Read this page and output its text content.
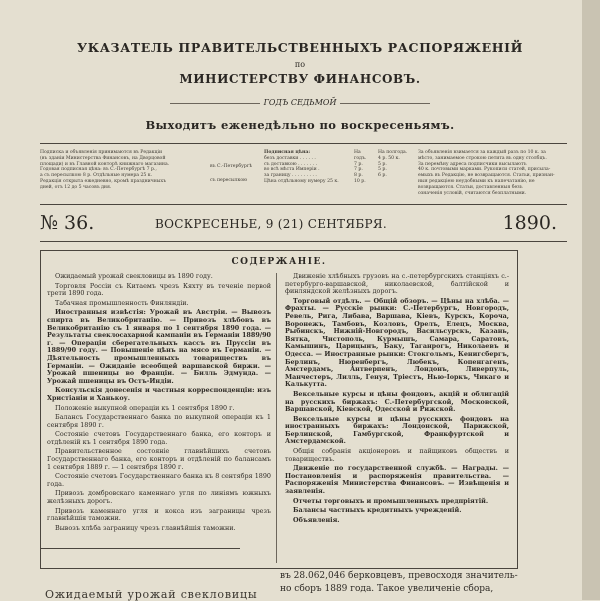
УКАЗАТЕЛЬ ПРАВИТЕЛЬСТВЕННЫХЪ РАСПОРЯЖЕНІЙ
по
МИНИСТЕРСТВУ ФИНАНСОВЪ.
ГОДЪ СЕДЬМОЙ
Выходитъ еженедѣльно по воскресеньямъ.
Подписка и объявленія принимаются въ Редакціи
(въ зданіи Министерства Финансовъ, на Дворцовой
площади) и въ Главной конторѣ книжнаго магазина.
Годовая подписная цѣна: въ С.-Петербургѣ 7 р.,
а съ пересылкою 8 р. Отдѣльные нумера 25 к.
Редакція открыта ежедневно, кромѣ праздничныхъ
дней, отъ 12 до 5 часовъ дня.
въ С.-Петербургѣ
съ пересылкою
Подписная цѣна:
безъ доставки . . . . . .
съ доставкою . . . . . . .
во всѣ мѣста Имперіи .
за границу . . . . . . . . .
Цѣна отдѣльному нумеру 25 к.
На годъ.
7 р.
7 р.
8 р.
10 р.
На полгода.
4 р. 50 к.
5 р.
5 р.
6 р.
За объявленія взимается за каждый разъ по 10 к. за
мѣсто, занимаемое строкою петита въ одну столбцъ.
За перемѣну адреса подписчики высылаютъ
40 к. почтовыми марками. Рукописи статей, присыла-
емыхъ въ Редакцію, не возвращаются. Статьи, признан-
ныя редакціею неудобными къ напечатанію, не
возвращаются. Статьи, доставленныя безъ
означенія условій, считаются безплатными.
№ 36.	ВОСКРЕСЕНЬЕ, 9 (21) СЕНТЯБРЯ.	1890.
СОДЕРЖАНІЕ.

Ожидаемый урожай свекловицы въ 1890 году.

Торговля Россіи съ Китаемъ чрезъ Кяхту въ теченіе первой трети 1890 года.

Табачная промышленность Финляндіи.

Иностранныя извѣстія: Урожай въ Австріи. — Вывозъ спирта въ Великобританію. — Привозъ хлѣбовъ въ Великобританію съ 1 января по 1 сентября 1890 года. — Результаты свеклосахарной кампаніи въ Германіи 1889/90 г. — Операціи сберегательныхъ кассъ въ Пруссіи въ 1889/90 году. — Повышеніе цѣнъ на мясо въ Германіи. — Дѣятельность промышленныхъ товариществъ въ Германіи. — Ожиданіе всеобщей варшавской биржи. — Урожай пшеницы во Франціи. — Билль Эдмунда. — Урожай пшеницы въ Остъ-Индіи.

Консульскія донесенія и частныя корреспонденціи: изъ Христіаніи и Ханькоу.

Положеніе выкупной операціи къ 1 сентября 1890 г.

Балансъ Государственнаго банка по выкупной операціи къ 1 сентября 1890 г.

Состояніе счетовъ Государственнаго банка, его конторъ и отдѣленій къ 1 сентября 1890 года.

Правительственное состояніе главнѣйшихъ счетовъ Государственнаго банка, его конторъ и отдѣленій по балансамъ 1 сентября 1889 г. — 1 сентября 1890 г.

Состояніе счетовъ Государственнаго банка къ 8 сентября 1890 года.

Привозъ домбровскаго каменнаго угля по линіямъ южныхъ желѣзныхъ дорогъ.

Привозъ каменнаго угля и кокса изъ заграницы чрезъ главнѣйшія таможни.

Вывозъ хлѣба заграницу чрезъ главнѣйшія таможни.

Движеніе хлѣбныхъ грузовъ на с.-петербургскихъ станціяхъ с.-петербурго-варшавской, николаевской, балтійской и финляндской желѣзныхъ дорогъ.

Торговый отдѣлъ. — Общій обзоръ. — Цѣны на хлѣба. — Фрахты. — Русскіе рынки: С.-Петербургъ, Новгородъ, Ревель, Рига, Либава, Варшава, Кіевъ, Курскъ, Короча, Воронежъ, Тамбовъ, Козловъ, Орелъ, Елецъ, Москва, Рыбинскъ, Нижній-Новгородъ, Васильсурскъ, Казань, Вятка, Чистополь, Курмышъ, Самара, Саратовъ, Камышинъ, Царицынъ, Баку, Таганрогъ, Николаевъ и Одесса. — Иностранные рынки: Стокгольмъ, Кенигсбергъ, Берлинъ, Нюренбергъ, Любекъ, Копенгагенъ, Амстердамъ, Антверпенъ, Лондонъ, Ливерпуль, Манчестеръ, Лилль, Генуя, Тріестъ, Нью-Іоркъ, Чикаго и Калькутта.

Вексельные курсы и цѣны фондовъ, акцій и облигацій на русскихъ биржахъ: С.-Петербургской, Московской, Варшавской, Кіевской, Одесской и Рижской.

Вексельные курсы и цѣны русскихъ фондовъ на иностранныхъ биржахъ: Лондонской, Парижской, Берлинской, Гамбургской, Франкфуртской и Амстердамской.

Общія собранія акціонеровъ и пайщиковъ обществъ и товариществъ.

Движеніе по государственной службѣ. — Награды. — Постановленія и распоряженія правительства. — Распоряженія Министерства Финансовъ. — Извѣщенія и заявленія.

Отчеты торговыхъ и промышленныхъ предпріятій.

Балансы частныхъ кредитныхъ учрежденій.

Объявленія.

Ожидаемый урожай свекловицы
въ 28.062,046 берковцевъ, превосходя значитель-
но сборъ 1889 года. Такое увеличеніе сбора,
